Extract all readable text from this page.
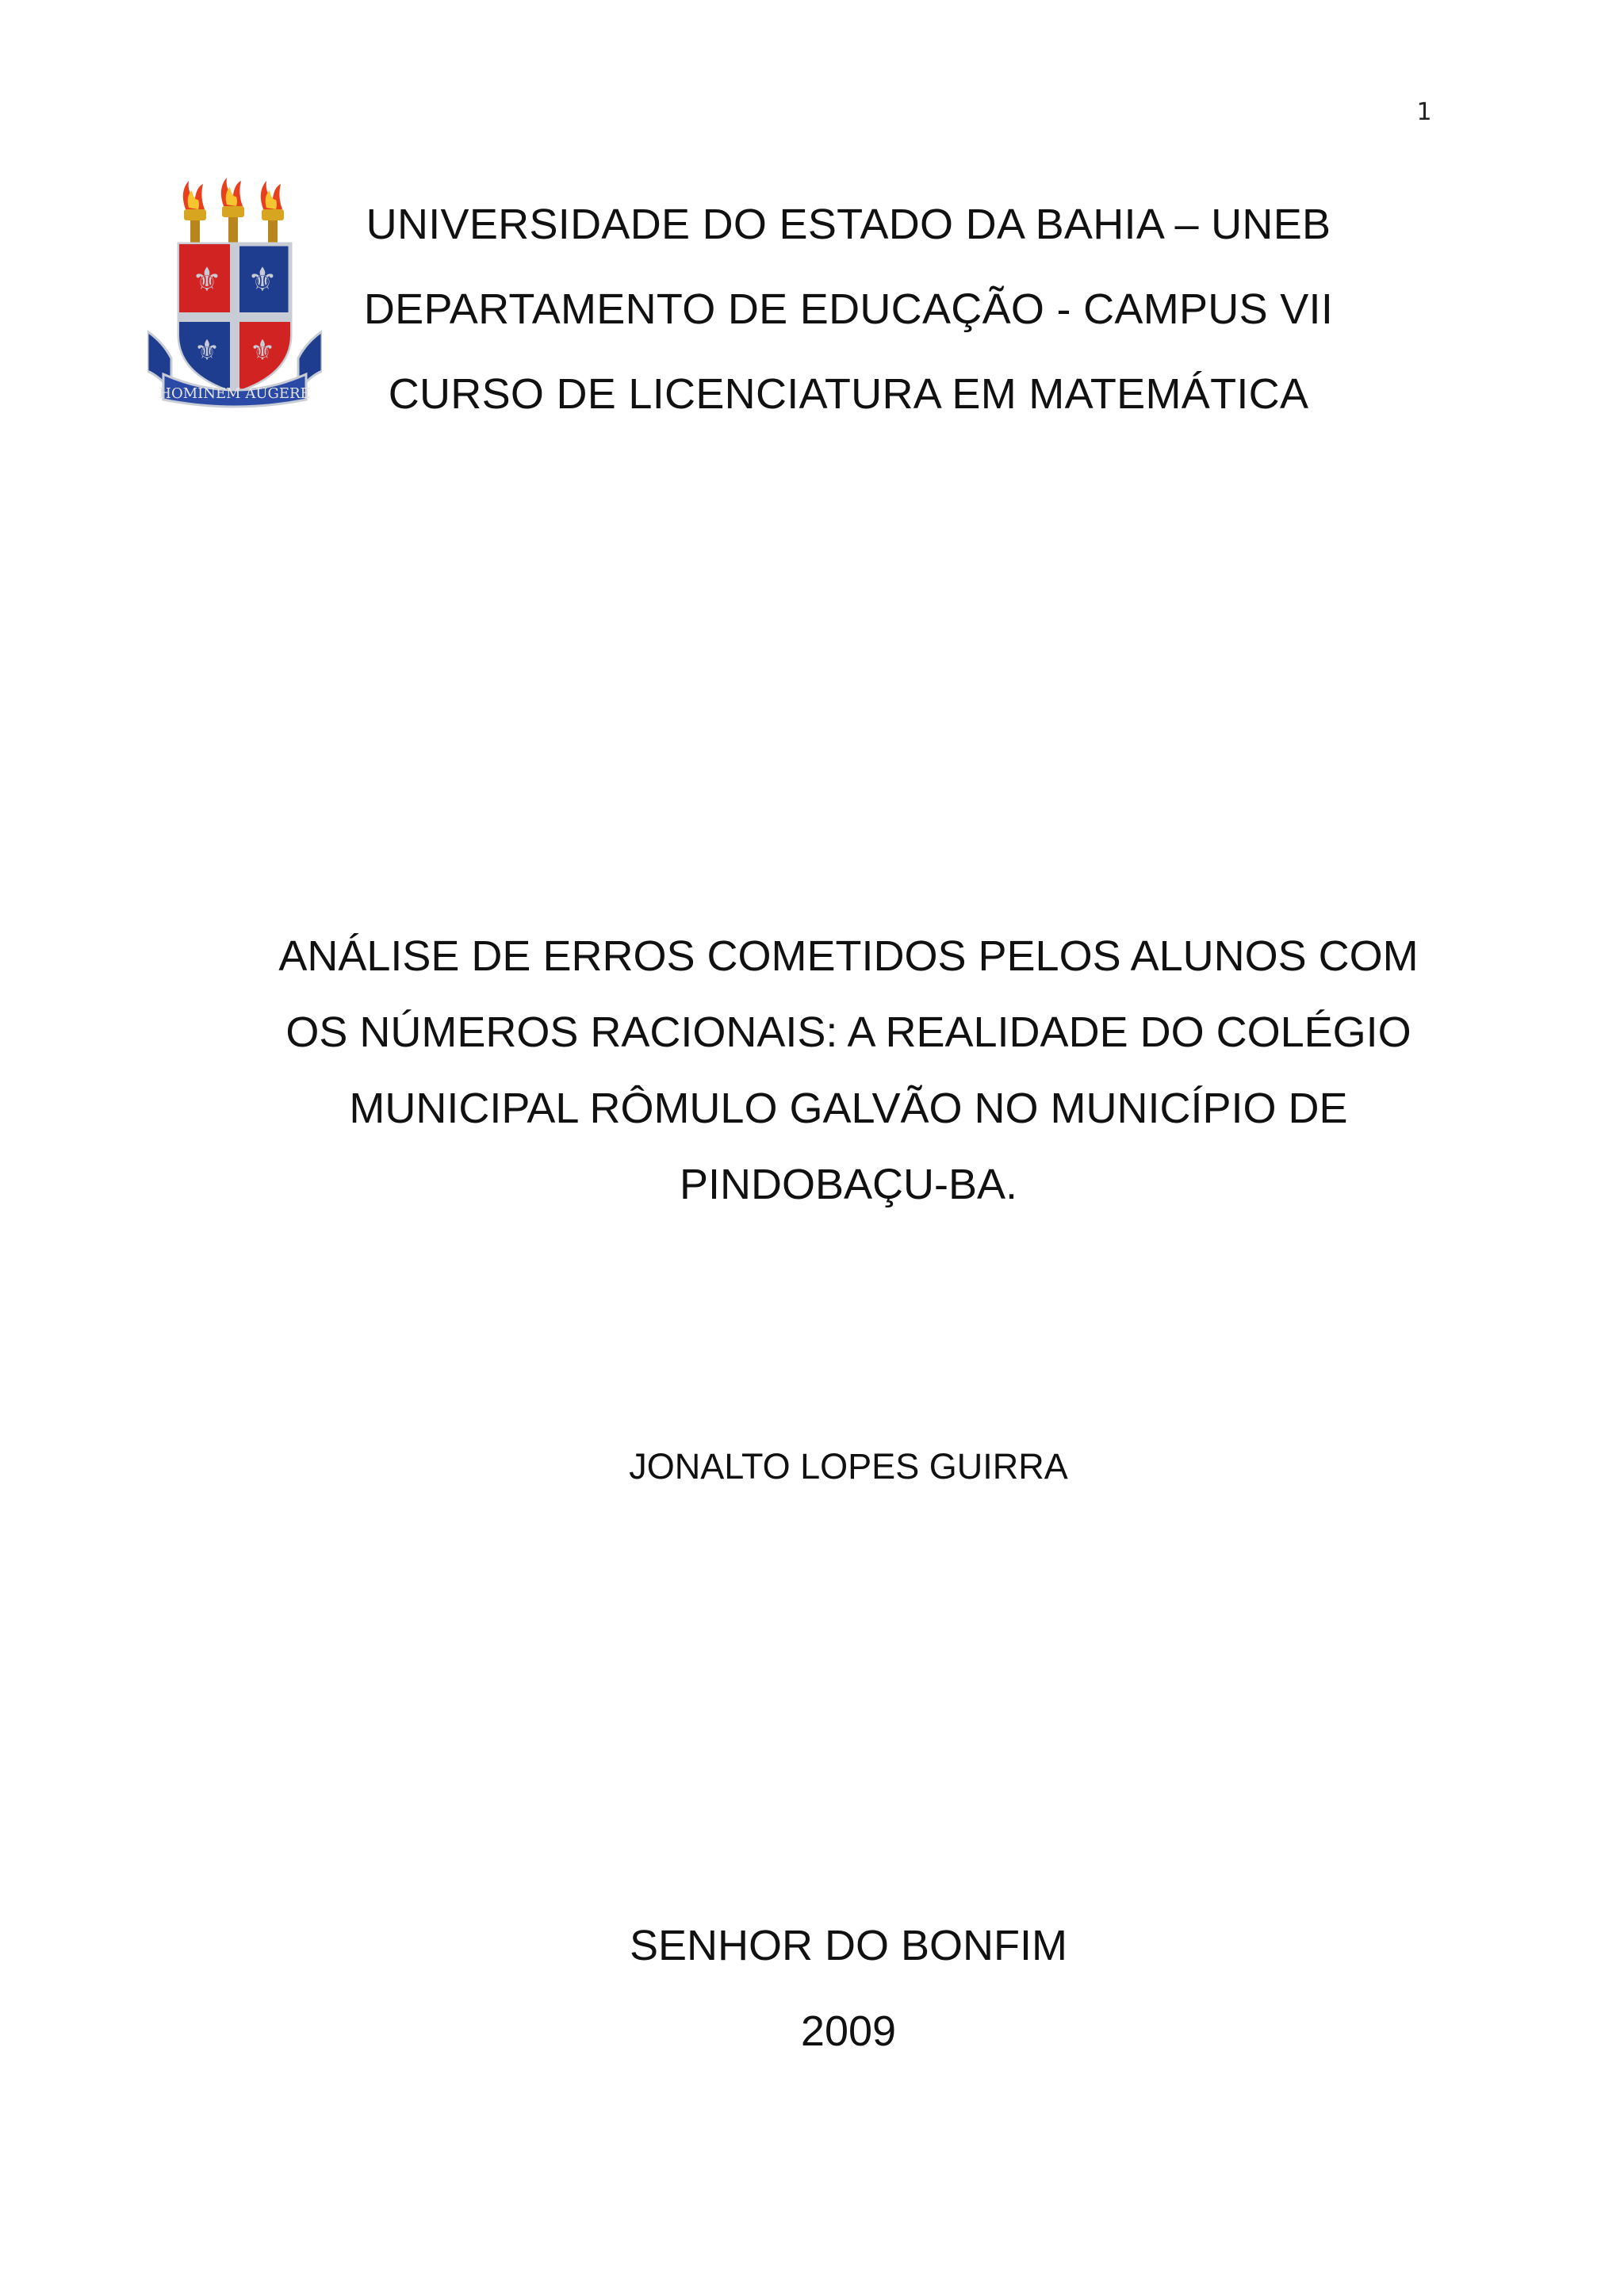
1
⚜ ⚜
⚜ ⚜
HOMINEM AUGERE
UNIVERSIDADE DO ESTADO DA BAHIA – UNEB
DEPARTAMENTO DE EDUCAÇÃO - CAMPUS VII
CURSO DE LICENCIATURA EM MATEMÁTICA
ANÁLISE DE ERROS COMETIDOS PELOS ALUNOS COM
OS NÚMEROS RACIONAIS: A REALIDADE DO COLÉGIO
MUNICIPAL RÔMULO GALVÃO NO MUNICÍPIO DE
PINDOBAÇU-BA.
JONALTO LOPES GUIRRA
SENHOR DO BONFIM
2009
